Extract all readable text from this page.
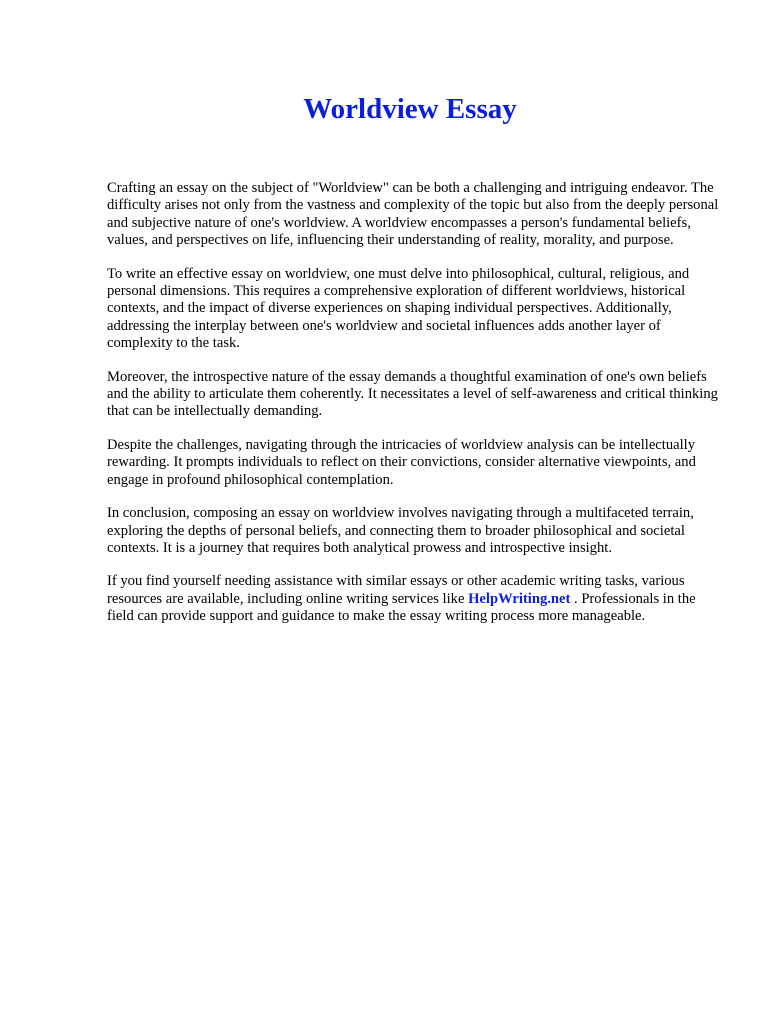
Worldview Essay

Crafting an essay on the subject of "Worldview" can be both a challenging and intriguing endeavor. The difficulty arises not only from the vastness and complexity of the topic but also from the deeply personal and subjective nature of one's worldview. A worldview encompasses a person's fundamental beliefs, values, and perspectives on life, influencing their understanding of reality, morality, and purpose.

To write an effective essay on worldview, one must delve into philosophical, cultural, religious, and personal dimensions. This requires a comprehensive exploration of different worldviews, historical contexts, and the impact of diverse experiences on shaping individual perspectives. Additionally, addressing the interplay between one's worldview and societal influences adds another layer of complexity to the task.

Moreover, the introspective nature of the essay demands a thoughtful examination of one's own beliefs and the ability to articulate them coherently. It necessitates a level of self-awareness and critical thinking that can be intellectually demanding.

Despite the challenges, navigating through the intricacies of worldview analysis can be intellectually rewarding. It prompts individuals to reflect on their convictions, consider alternative viewpoints, and engage in profound philosophical contemplation.

In conclusion, composing an essay on worldview involves navigating through a multifaceted terrain, exploring the depths of personal beliefs, and connecting them to broader philosophical and societal contexts. It is a journey that requires both analytical prowess and introspective insight.

If you find yourself needing assistance with similar essays or other academic writing tasks, various resources are available, including online writing services like HelpWriting.net . Professionals in the field can provide support and guidance to make the essay writing process more manageable.
